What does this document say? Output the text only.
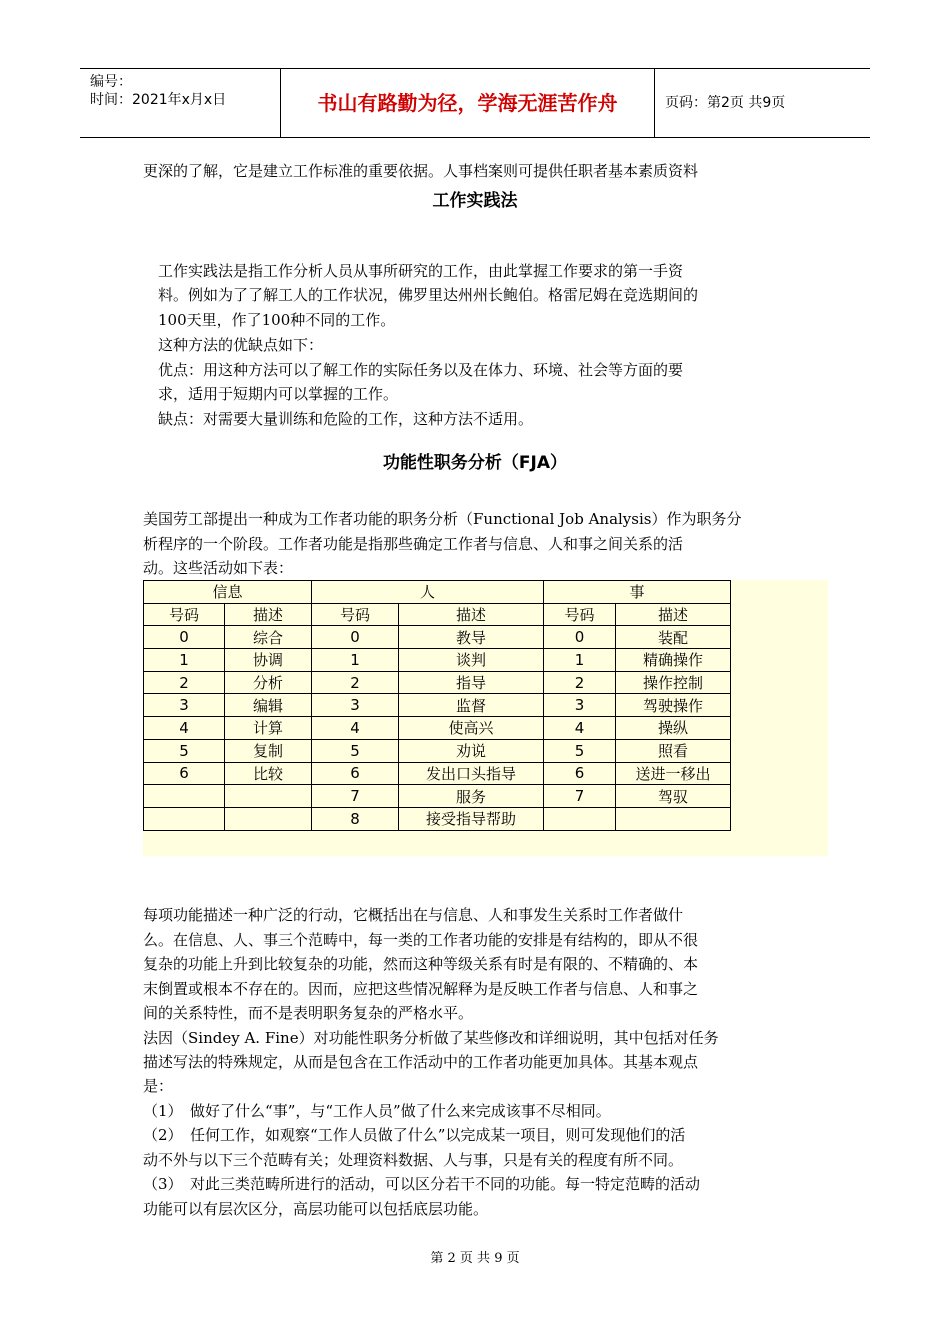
编号：
时间：2021年x月x日	书山有路勤为径，学海无涯苦作舟	页码：第2页 共9页
更深的了解，它是建立工作标准的重要依据。人事档案则可提供任职者基本素质资料
工作实践法
工作实践法是指工作分析人员从事所研究的工作，由此掌握工作要求的第一手资
料。例如为了了解工人的工作状况，佛罗里达州州长鲍伯。格雷尼姆在竞选期间的
100天里，作了100种不同的工作。
这种方法的优缺点如下：
优点：用这种方法可以了解工作的实际任务以及在体力、环境、社会等方面的要
求，适用于短期内可以掌握的工作。
缺点：对需要大量训练和危险的工作，这种方法不适用。
功能性职务分析（FJA）
美国劳工部提出一种成为工作者功能的职务分析（Functional Job Analysis）作为职务分
析程序的一个阶段。工作者功能是指那些确定工作者与信息、人和事之间关系的活
动。这些活动如下表：
信息		人		事	
号码	描述	号码	描述	号码	描述
0	综合	0	教导	0	装配
1	协调	1	谈判	1	精确操作
2	分析	2	指导	2	操作控制
3	编辑	3	监督	3	驾驶操作
4	计算	4	使高兴	4	操纵
5	复制	5	劝说	5	照看
6	比较	6	发出口头指导	6	送进一移出
		7	服务	7	驾驭
		8	接受指导帮助		
每项功能描述一种广泛的行动，它概括出在与信息、人和事发生关系时工作者做什
么。在信息、人、事三个范畴中，每一类的工作者功能的安排是有结构的，即从不很
复杂的功能上升到比较复杂的功能，然而这种等级关系有时是有限的、不精确的、本
末倒置或根本不存在的。因而，应把这些情况解释为是反映工作者与信息、人和事之
间的关系特性，而不是表明职务复杂的严格水平。
法因（Sindey A. Fine）对功能性职务分析做了某些修改和详细说明，其中包括对任务
描述写法的特殊规定，从而是包含在工作活动中的工作者功能更加具体。其基本观点
是：
（1）　做好了什么“事”，与“工作人员”做了什么来完成该事不尽相同。
（2）　任何工作，如观察“工作人员做了什么”以完成某一项目，则可发现他们的活
动不外与以下三个范畴有关；处理资料数据、人与事，只是有关的程度有所不同。
（3）　对此三类范畴所进行的活动，可以区分若干不同的功能。每一特定范畴的活动
功能可以有层次区分，高层功能可以包括底层功能。
第 2 页 共 9 页
